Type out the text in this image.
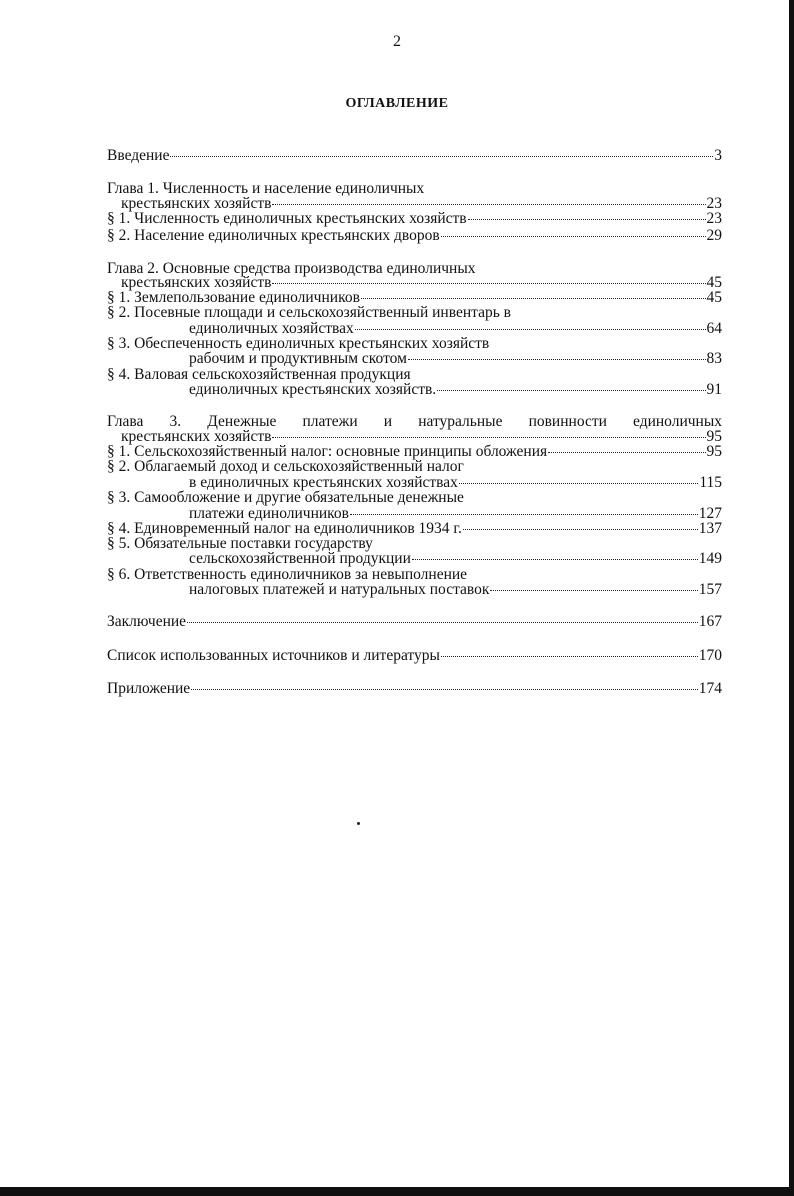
2
ОГЛАВЛЕНИЕ
Введение	3
Глава 1. Численность и население единоличных
крестьянских хозяйств	23
§ 1. Численность единоличных крестьянских хозяйств	23
§ 2. Население единоличных крестьянских дворов	29
Глава 2. Основные средства производства единоличных
крестьянских хозяйств	45
§ 1. Землепользование единоличников	45
§ 2. Посевные площади и сельскохозяйственный инвентарь в
единоличных хозяйствах	64
§ 3. Обеспеченность единоличных крестьянских хозяйств
рабочим и продуктивным скотом	83
§ 4. Валовая сельскохозяйственная продукция
единоличных крестьянских хозяйств.	91
Глава 3. Денежные платежи и натуральные повинности единоличных
крестьянских хозяйств	95
§ 1. Сельскохозяйственный налог: основные принципы обложения	95
§ 2. Облагаемый доход и сельскохозяйственный налог
в единоличных крестьянских хозяйствах	115
§ 3. Самообложение и другие обязательные денежные
платежи единоличников	127
§ 4. Единовременный налог на единоличников 1934 г.	137
§ 5. Обязательные поставки государству
сельскохозяйственной продукции	149
§ 6. Ответственность единоличников за невыполнение
налоговых платежей и натуральных поставок	157
Заключение	167
Список использованных источников и литературы	170
Приложение	174
